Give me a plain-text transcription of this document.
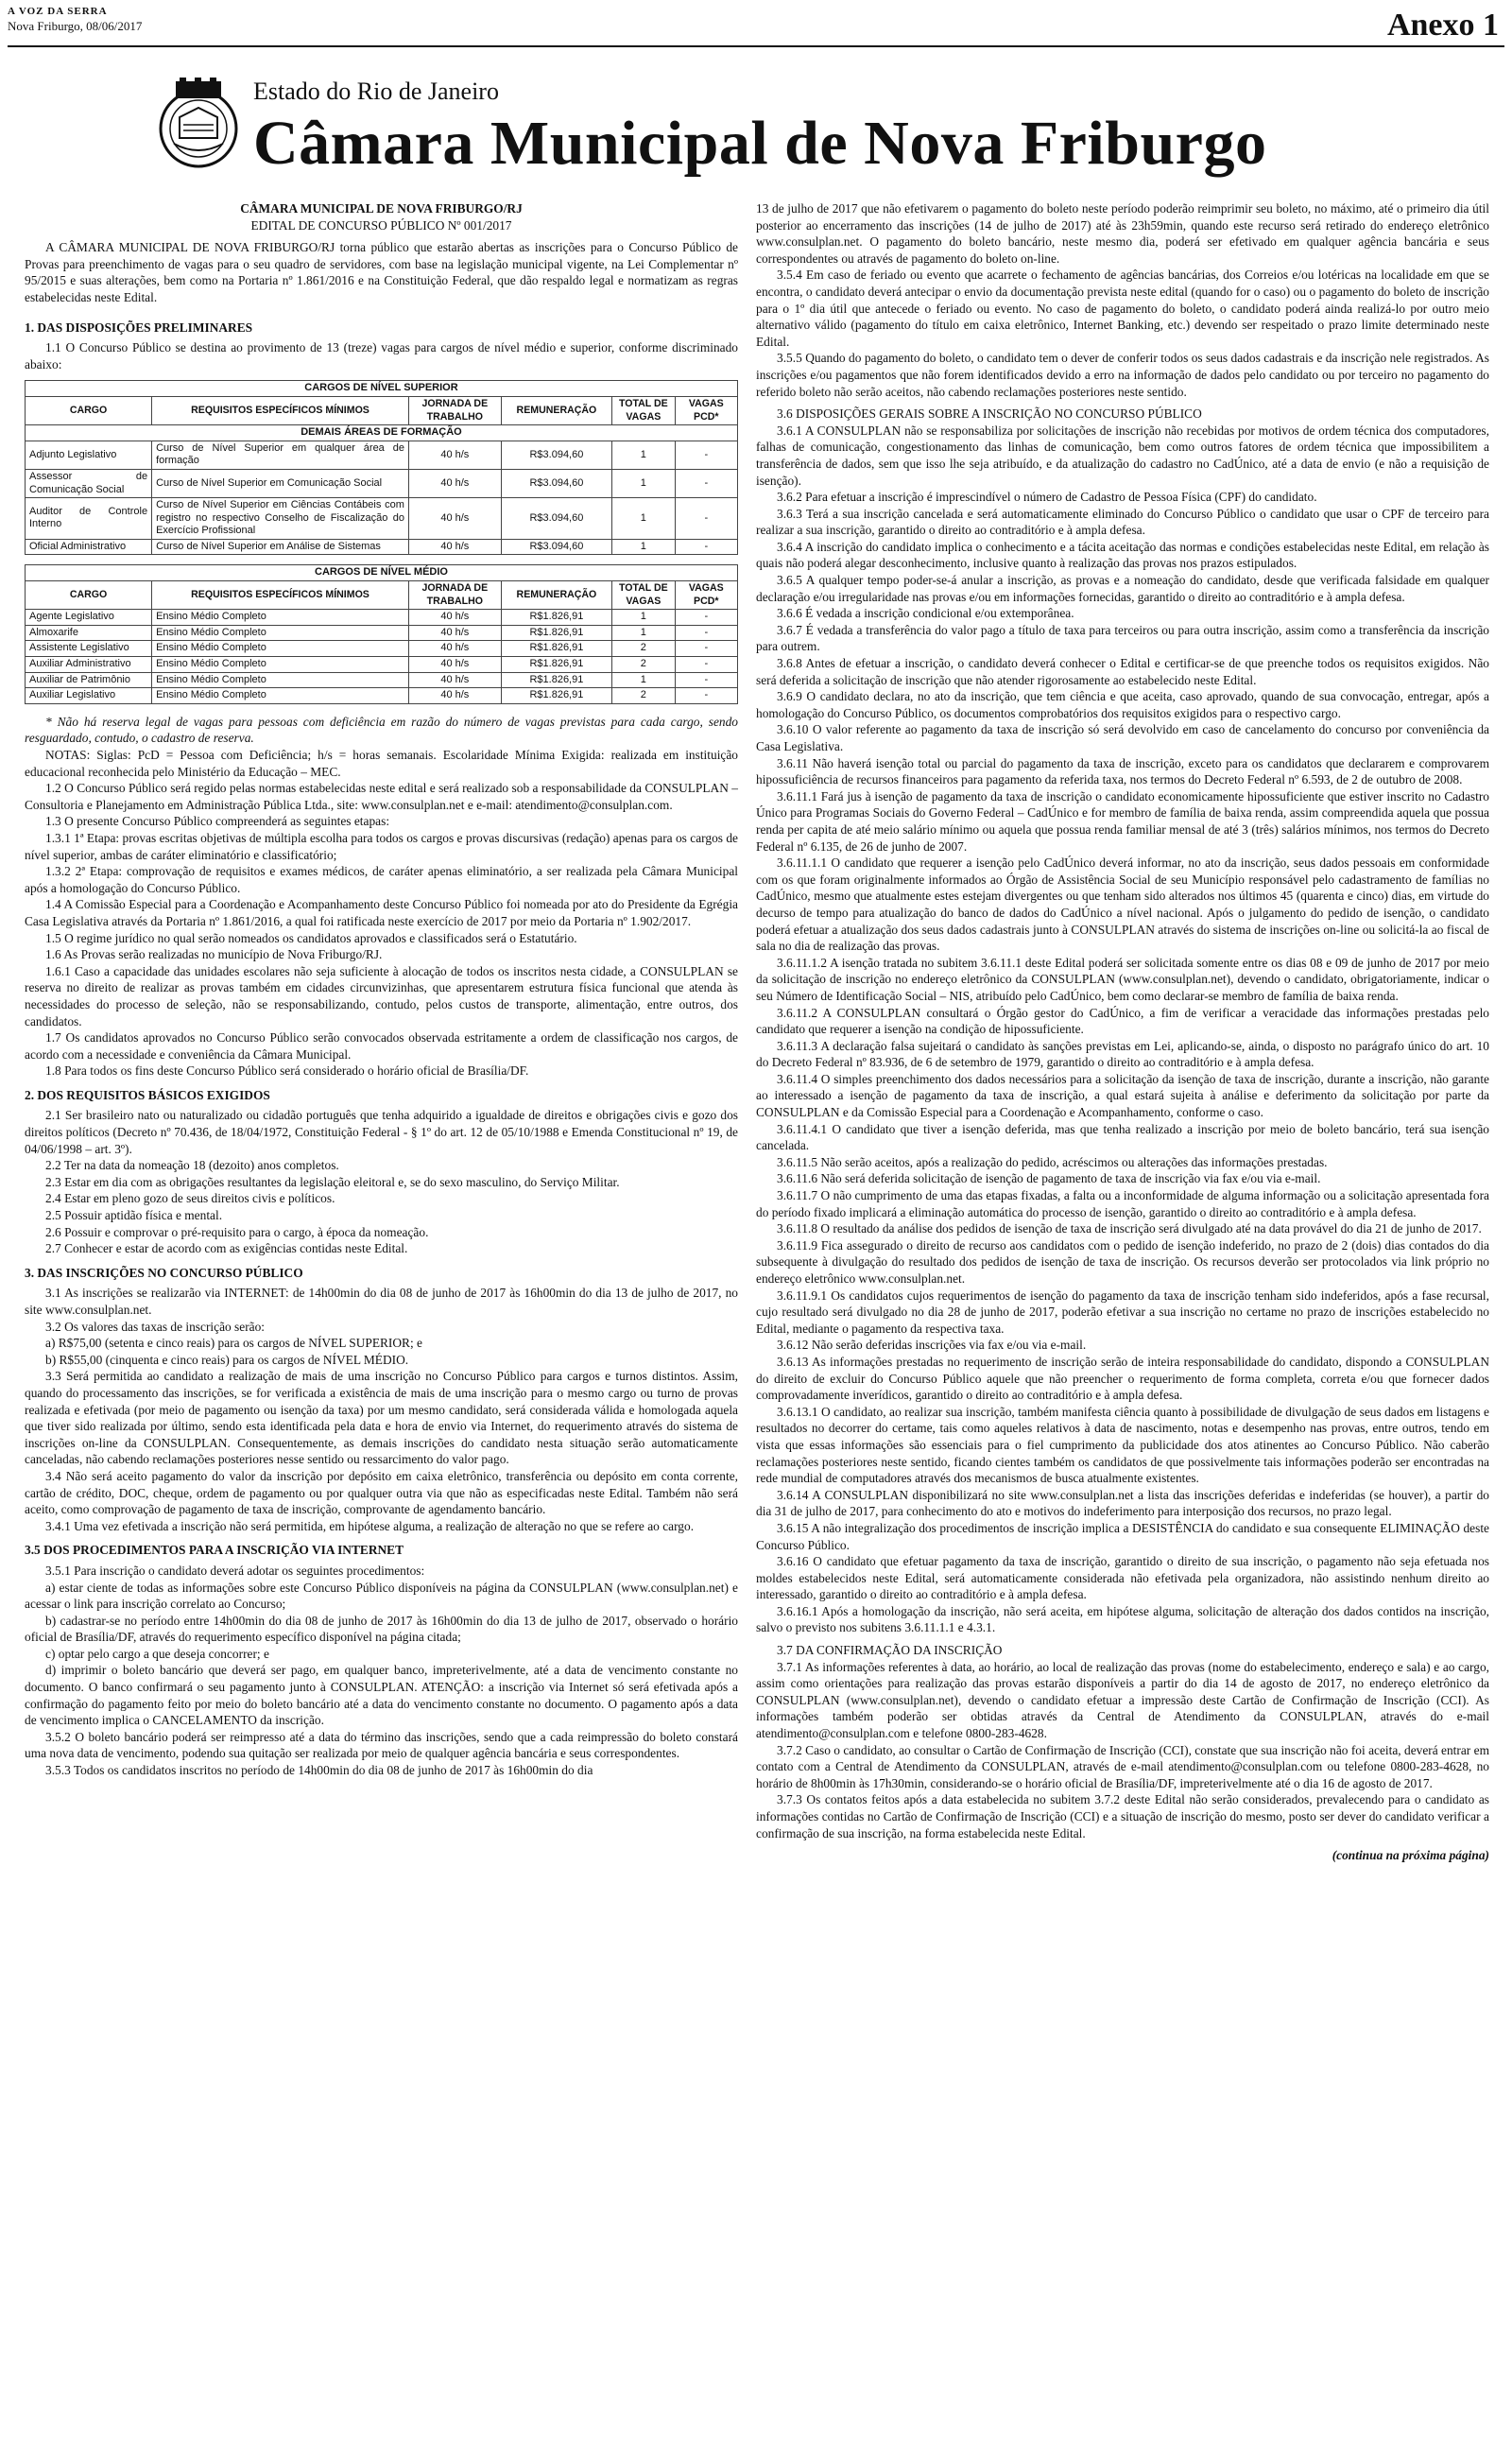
A VOZ DA SERRA
Nova Friburgo, 08/06/2017	Anexo 1
Estado do Rio de Janeiro
Câmara Municipal de Nova Friburgo

CÂMARA MUNICIPAL DE NOVA FRIBURGO/RJ

EDITAL DE CONCURSO PÚBLICO Nº 001/2017

A CÂMARA MUNICIPAL DE NOVA FRIBURGO/RJ torna público que estarão abertas as inscrições para o Concurso Público de Provas para preenchimento de vagas para o seu quadro de servidores, com base na legislação municipal vigente, na Lei Complementar nº 95/2015 e suas alterações, bem como na Portaria nº 1.861/2016 e na Constituição Federal, que dão respaldo legal e normatizam as regras estabelecidas neste Edital.

1. DAS DISPOSIÇÕES PRELIMINARES

1.1 O Concurso Público se destina ao provimento de 13 (treze) vagas para cargos de nível médio e superior, conforme discriminado abaixo:

CARGOS DE NÍVEL SUPERIOR					
CARGO	REQUISITOS ESPECÍFICOS MÍNIMOS	JORNADA DE TRABALHO	REMUNERAÇÃO	TOTAL DE VAGAS	VAGAS PCD*
DEMAIS ÁREAS DE FORMAÇÃO					
Adjunto Legislativo	Curso de Nível Superior em qualquer área de formação	40 h/s	R$3.094,60	1	-
Assessor de Comunicação Social	Curso de Nível Superior em Comunicação Social	40 h/s	R$3.094,60	1	-
Auditor de Controle Interno	Curso de Nível Superior em Ciências Contábeis com registro no respectivo Conselho de Fiscalização do Exercício Profissional	40 h/s	R$3.094,60	1	-
Oficial Administrativo	Curso de Nível Superior em Análise de Sistemas	40 h/s	R$3.094,60	1	-
CARGOS DE NÍVEL MÉDIO					
CARGO	REQUISITOS ESPECÍFICOS MÍNIMOS	JORNADA DE TRABALHO	REMUNERAÇÃO	TOTAL DE VAGAS	VAGAS PCD*
Agente Legislativo	Ensino Médio Completo	40 h/s	R$1.826,91	1	-
Almoxarife	Ensino Médio Completo	40 h/s	R$1.826,91	1	-
Assistente Legislativo	Ensino Médio Completo	40 h/s	R$1.826,91	2	-
Auxiliar Administrativo	Ensino Médio Completo	40 h/s	R$1.826,91	2	-
Auxiliar de Patrimônio	Ensino Médio Completo	40 h/s	R$1.826,91	1	-
Auxiliar Legislativo	Ensino Médio Completo	40 h/s	R$1.826,91	2	-

* Não há reserva legal de vagas para pessoas com deficiência em razão do número de vagas previstas para cada cargo, sendo resguardado, contudo, o cadastro de reserva.

NOTAS: Siglas: PcD = Pessoa com Deficiência; h/s = horas semanais. Escolaridade Mínima Exigida: realizada em instituição educacional reconhecida pelo Ministério da Educação – MEC.

1.2 O Concurso Público será regido pelas normas estabelecidas neste edital e será realizado sob a responsabilidade da CONSULPLAN – Consultoria e Planejamento em Administração Pública Ltda., site: www.consulplan.net e e-mail: atendimento@consulplan.com.

1.3 O presente Concurso Público compreenderá as seguintes etapas:

1.3.1 1ª Etapa: provas escritas objetivas de múltipla escolha para todos os cargos e provas discursivas (redação) apenas para os cargos de nível superior, ambas de caráter eliminatório e classificatório;

1.3.2 2ª Etapa: comprovação de requisitos e exames médicos, de caráter apenas eliminatório, a ser realizada pela Câmara Municipal após a homologação do Concurso Público.

1.4 A Comissão Especial para a Coordenação e Acompanhamento deste Concurso Público foi nomeada por ato do Presidente da Egrégia Casa Legislativa através da Portaria nº 1.861/2016, a qual foi ratificada neste exercício de 2017 por meio da Portaria nº 1.902/2017.

1.5 O regime jurídico no qual serão nomeados os candidatos aprovados e classificados será o Estatutário.

1.6 As Provas serão realizadas no município de Nova Friburgo/RJ.

1.6.1 Caso a capacidade das unidades escolares não seja suficiente à alocação de todos os inscritos nesta cidade, a CONSULPLAN se reserva no direito de realizar as provas também em cidades circunvizinhas, que apresentarem estrutura física funcional que atenda às necessidades do processo de seleção, não se responsabilizando, contudo, pelos custos de transporte, alimentação, entre outros, dos candidatos.

1.7 Os candidatos aprovados no Concurso Público serão convocados observada estritamente a ordem de classificação nos cargos, de acordo com a necessidade e conveniência da Câmara Municipal.

1.8 Para todos os fins deste Concurso Público será considerado o horário oficial de Brasília/DF.

2. DOS REQUISITOS BÁSICOS EXIGIDOS

2.1 Ser brasileiro nato ou naturalizado ou cidadão português que tenha adquirido a igualdade de direitos e obrigações civis e gozo dos direitos políticos (Decreto nº 70.436, de 18/04/1972, Constituição Federal - § 1º do art. 12 de 05/10/1988 e Emenda Constitucional nº 19, de 04/06/1998 – art. 3º).

2.2 Ter na data da nomeação 18 (dezoito) anos completos.

2.3 Estar em dia com as obrigações resultantes da legislação eleitoral e, se do sexo masculino, do Serviço Militar.

2.4 Estar em pleno gozo de seus direitos civis e políticos.

2.5 Possuir aptidão física e mental.

2.6 Possuir e comprovar o pré-requisito para o cargo, à época da nomeação.

2.7 Conhecer e estar de acordo com as exigências contidas neste Edital.

3. DAS INSCRIÇÕES NO CONCURSO PÚBLICO

3.1 As inscrições se realizarão via INTERNET: de 14h00min do dia 08 de junho de 2017 às 16h00min do dia 13 de julho de 2017, no site www.consulplan.net.

3.2 Os valores das taxas de inscrição serão:

a) R$75,00 (setenta e cinco reais) para os cargos de NÍVEL SUPERIOR; e

b) R$55,00 (cinquenta e cinco reais) para os cargos de NÍVEL MÉDIO.

3.3 Será permitida ao candidato a realização de mais de uma inscrição no Concurso Público para cargos e turnos distintos. Assim, quando do processamento das inscrições, se for verificada a existência de mais de uma inscrição para o mesmo cargo ou turno de provas realizada e efetivada (por meio de pagamento ou isenção da taxa) por um mesmo candidato, será considerada válida e homologada aquela que tiver sido realizada por último, sendo esta identificada pela data e hora de envio via Internet, do requerimento através do sistema de inscrições on-line da CONSULPLAN. Consequentemente, as demais inscrições do candidato nesta situação serão automaticamente canceladas, não cabendo reclamações posteriores nesse sentido ou ressarcimento do valor pago.

3.4 Não será aceito pagamento do valor da inscrição por depósito em caixa eletrônico, transferência ou depósito em conta corrente, cartão de crédito, DOC, cheque, ordem de pagamento ou por qualquer outra via que não as especificadas neste Edital. Também não será aceito, como comprovação de pagamento de taxa de inscrição, comprovante de agendamento bancário.

3.4.1 Uma vez efetivada a inscrição não será permitida, em hipótese alguma, a realização de alteração no que se refere ao cargo.

3.5 DOS PROCEDIMENTOS PARA A INSCRIÇÃO VIA INTERNET

3.5.1 Para inscrição o candidato deverá adotar os seguintes procedimentos:

a) estar ciente de todas as informações sobre este Concurso Público disponíveis na página da CONSULPLAN (www.consulplan.net) e acessar o link para inscrição correlato ao Concurso;

b) cadastrar-se no período entre 14h00min do dia 08 de junho de 2017 às 16h00min do dia 13 de julho de 2017, observado o horário oficial de Brasília/DF, através do requerimento específico disponível na página citada;

c) optar pelo cargo a que deseja concorrer; e

d) imprimir o boleto bancário que deverá ser pago, em qualquer banco, impreterivelmente, até a data de vencimento constante no documento. O banco confirmará o seu pagamento junto à CONSULPLAN. ATENÇÃO: a inscrição via Internet só será efetivada após a confirmação do pagamento feito por meio do boleto bancário até a data do vencimento constante no documento. O pagamento após a data de vencimento implica o CANCELAMENTO da inscrição.

3.5.2 O boleto bancário poderá ser reimpresso até a data do término das inscrições, sendo que a cada reimpressão do boleto constará uma nova data de vencimento, podendo sua quitação ser realizada por meio de qualquer agência bancária e seus correspondentes.

3.5.3 Todos os candidatos inscritos no período de 14h00min do dia 08 de junho de 2017 às 16h00min do dia

13 de julho de 2017 que não efetivarem o pagamento do boleto neste período poderão reimprimir seu boleto, no máximo, até o primeiro dia útil posterior ao encerramento das inscrições (14 de julho de 2017) até às 23h59min, quando este recurso será retirado do endereço eletrônico www.consulplan.net. O pagamento do boleto bancário, neste mesmo dia, poderá ser efetivado em qualquer agência bancária e seus correspondentes ou através de pagamento do boleto on-line.

3.5.4 Em caso de feriado ou evento que acarrete o fechamento de agências bancárias, dos Correios e/ou lotéricas na localidade em que se encontra, o candidato deverá antecipar o envio da documentação prevista neste edital (quando for o caso) ou o pagamento do boleto de inscrição para o 1º dia útil que antecede o feriado ou evento. No caso de pagamento do boleto, o candidato poderá ainda realizá-lo por outro meio alternativo válido (pagamento do título em caixa eletrônico, Internet Banking, etc.) devendo ser respeitado o prazo limite determinado neste Edital.

3.5.5 Quando do pagamento do boleto, o candidato tem o dever de conferir todos os seus dados cadastrais e da inscrição nele registrados. As inscrições e/ou pagamentos que não forem identificados devido a erro na informação de dados pelo candidato ou por terceiro no pagamento do referido boleto não serão aceitos, não cabendo reclamações posteriores neste sentido.

3.6 DISPOSIÇÕES GERAIS SOBRE A INSCRIÇÃO NO CONCURSO PÚBLICO

3.6.1 A CONSULPLAN não se responsabiliza por solicitações de inscrição não recebidas por motivos de ordem técnica dos computadores, falhas de comunicação, congestionamento das linhas de comunicação, bem como outros fatores de ordem técnica que impossibilitem a transferência de dados, sem que isso lhe seja atribuído, e da atualização do cadastro no CadÚnico, até a data de envio (e não a requisição de isenção).

3.6.2 Para efetuar a inscrição é imprescindível o número de Cadastro de Pessoa Física (CPF) do candidato.

3.6.3 Terá a sua inscrição cancelada e será automaticamente eliminado do Concurso Público o candidato que usar o CPF de terceiro para realizar a sua inscrição, garantido o direito ao contraditório e à ampla defesa.

3.6.4 A inscrição do candidato implica o conhecimento e a tácita aceitação das normas e condições estabelecidas neste Edital, em relação às quais não poderá alegar desconhecimento, inclusive quanto à realização das provas nos prazos estipulados.

3.6.5 A qualquer tempo poder-se-á anular a inscrição, as provas e a nomeação do candidato, desde que verificada falsidade em qualquer declaração e/ou irregularidade nas provas e/ou em informações fornecidas, garantido o direito ao contraditório e à ampla defesa.

3.6.6 É vedada a inscrição condicional e/ou extemporânea.

3.6.7 É vedada a transferência do valor pago a título de taxa para terceiros ou para outra inscrição, assim como a transferência da inscrição para outrem.

3.6.8 Antes de efetuar a inscrição, o candidato deverá conhecer o Edital e certificar-se de que preenche todos os requisitos exigidos. Não será deferida a solicitação de inscrição que não atender rigorosamente ao estabelecido neste Edital.

3.6.9 O candidato declara, no ato da inscrição, que tem ciência e que aceita, caso aprovado, quando de sua convocação, entregar, após a homologação do Concurso Público, os documentos comprobatórios dos requisitos exigidos para o respectivo cargo.

3.6.10 O valor referente ao pagamento da taxa de inscrição só será devolvido em caso de cancelamento do concurso por conveniência da Casa Legislativa.

3.6.11 Não haverá isenção total ou parcial do pagamento da taxa de inscrição, exceto para os candidatos que declararem e comprovarem hipossuficiência de recursos financeiros para pagamento da referida taxa, nos termos do Decreto Federal nº 6.593, de 2 de outubro de 2008.

3.6.11.1 Fará jus à isenção de pagamento da taxa de inscrição o candidato economicamente hipossuficiente que estiver inscrito no Cadastro Único para Programas Sociais do Governo Federal – CadÚnico e for membro de família de baixa renda, assim compreendida aquela que possua renda per capita de até meio salário mínimo ou aquela que possua renda familiar mensal de até 3 (três) salários mínimos, nos termos do Decreto Federal nº 6.135, de 26 de junho de 2007.

3.6.11.1.1 O candidato que requerer a isenção pelo CadÚnico deverá informar, no ato da inscrição, seus dados pessoais em conformidade com os que foram originalmente informados ao Órgão de Assistência Social de seu Município responsável pelo cadastramento de famílias no CadÚnico, mesmo que atualmente estes estejam divergentes ou que tenham sido alterados nos últimos 45 (quarenta e cinco) dias, em virtude do decurso de tempo para atualização do banco de dados do CadÚnico a nível nacional. Após o julgamento do pedido de isenção, o candidato poderá efetuar a atualização dos seus dados cadastrais junto à CONSULPLAN através do sistema de inscrições on-line ou solicitá-la ao fiscal de sala no dia de realização das provas.

3.6.11.1.2 A isenção tratada no subitem 3.6.11.1 deste Edital poderá ser solicitada somente entre os dias 08 e 09 de junho de 2017 por meio da solicitação de inscrição no endereço eletrônico da CONSULPLAN (www.consulplan.net), devendo o candidato, obrigatoriamente, indicar o seu Número de Identificação Social – NIS, atribuído pelo CadÚnico, bem como declarar-se membro de família de baixa renda.

3.6.11.2 A CONSULPLAN consultará o Órgão gestor do CadÚnico, a fim de verificar a veracidade das informações prestadas pelo candidato que requerer a isenção na condição de hipossuficiente.

3.6.11.3 A declaração falsa sujeitará o candidato às sanções previstas em Lei, aplicando-se, ainda, o disposto no parágrafo único do art. 10 do Decreto Federal nº 83.936, de 6 de setembro de 1979, garantido o direito ao contraditório e à ampla defesa.

3.6.11.4 O simples preenchimento dos dados necessários para a solicitação da isenção de taxa de inscrição, durante a inscrição, não garante ao interessado a isenção de pagamento da taxa de inscrição, a qual estará sujeita à análise e deferimento da solicitação por parte da CONSULPLAN e da Comissão Especial para a Coordenação e Acompanhamento, conforme o caso.

3.6.11.4.1 O candidato que tiver a isenção deferida, mas que tenha realizado a inscrição por meio de boleto bancário, terá sua isenção cancelada.

3.6.11.5 Não serão aceitos, após a realização do pedido, acréscimos ou alterações das informações prestadas.

3.6.11.6 Não será deferida solicitação de isenção de pagamento de taxa de inscrição via fax e/ou via e-mail.

3.6.11.7 O não cumprimento de uma das etapas fixadas, a falta ou a inconformidade de alguma informação ou a solicitação apresentada fora do período fixado implicará a eliminação automática do processo de isenção, garantido o direito ao contraditório e à ampla defesa.

3.6.11.8 O resultado da análise dos pedidos de isenção de taxa de inscrição será divulgado até na data provável do dia 21 de junho de 2017.

3.6.11.9 Fica assegurado o direito de recurso aos candidatos com o pedido de isenção indeferido, no prazo de 2 (dois) dias contados do dia subsequente à divulgação do resultado dos pedidos de isenção de taxa de inscrição. Os recursos deverão ser protocolados via link próprio no endereço eletrônico www.consulplan.net.

3.6.11.9.1 Os candidatos cujos requerimentos de isenção do pagamento da taxa de inscrição tenham sido indeferidos, após a fase recursal, cujo resultado será divulgado no dia 28 de junho de 2017, poderão efetivar a sua inscrição no certame no prazo de inscrições estabelecido no Edital, mediante o pagamento da respectiva taxa.

3.6.12 Não serão deferidas inscrições via fax e/ou via e-mail.

3.6.13 As informações prestadas no requerimento de inscrição serão de inteira responsabilidade do candidato, dispondo a CONSULPLAN do direito de excluir do Concurso Público aquele que não preencher o requerimento de forma completa, correta e/ou que fornecer dados comprovadamente inverídicos, garantido o direito ao contraditório e à ampla defesa.

3.6.13.1 O candidato, ao realizar sua inscrição, também manifesta ciência quanto à possibilidade de divulgação de seus dados em listagens e resultados no decorrer do certame, tais como aqueles relativos à data de nascimento, notas e desempenho nas provas, entre outros, tendo em vista que essas informações são essenciais para o fiel cumprimento da publicidade dos atos atinentes ao Concurso Público. Não caberão reclamações posteriores neste sentido, ficando cientes também os candidatos de que possivelmente tais informações poderão ser encontradas na rede mundial de computadores através dos mecanismos de busca atualmente existentes.

3.6.14 A CONSULPLAN disponibilizará no site www.consulplan.net a lista das inscrições deferidas e indeferidas (se houver), a partir do dia 31 de julho de 2017, para conhecimento do ato e motivos do indeferimento para interposição dos recursos, no prazo legal.

3.6.15 A não integralização dos procedimentos de inscrição implica a DESISTÊNCIA do candidato e sua consequente ELIMINAÇÃO deste Concurso Público.

3.6.16 O candidato que efetuar pagamento da taxa de inscrição, garantido o direito de sua inscrição, o pagamento não seja efetuada nos moldes estabelecidos neste Edital, será automaticamente considerada não efetivada pela organizadora, não assistindo nenhum direito ao interessado, garantido o direito ao contraditório e à ampla defesa.

3.6.16.1 Após a homologação da inscrição, não será aceita, em hipótese alguma, solicitação de alteração dos dados contidos na inscrição, salvo o previsto nos subitens 3.6.11.1.1 e 4.3.1.

3.7 DA CONFIRMAÇÃO DA INSCRIÇÃO

3.7.1 As informações referentes à data, ao horário, ao local de realização das provas (nome do estabelecimento, endereço e sala) e ao cargo, assim como orientações para realização das provas estarão disponíveis a partir do dia 14 de agosto de 2017, no endereço eletrônico da CONSULPLAN (www.consulplan.net), devendo o candidato efetuar a impressão deste Cartão de Confirmação de Inscrição (CCI). As informações também poderão ser obtidas através da Central de Atendimento da CONSULPLAN, através do e-mail atendimento@consulplan.com e telefone 0800-283-4628.

3.7.2 Caso o candidato, ao consultar o Cartão de Confirmação de Inscrição (CCI), constate que sua inscrição não foi aceita, deverá entrar em contato com a Central de Atendimento da CONSULPLAN, através de e-mail atendimento@consulplan.com ou telefone 0800-283-4628, no horário de 8h00min às 17h30min, considerando-se o horário oficial de Brasília/DF, impreterivelmente até o dia 16 de agosto de 2017.

3.7.3 Os contatos feitos após a data estabelecida no subitem 3.7.2 deste Edital não serão considerados, prevalecendo para o candidato as informações contidas no Cartão de Confirmação de Inscrição (CCI) e a situação de inscrição do mesmo, posto ser dever do candidato verificar a confirmação de sua inscrição, na forma estabelecida neste Edital.

(continua na próxima página)
